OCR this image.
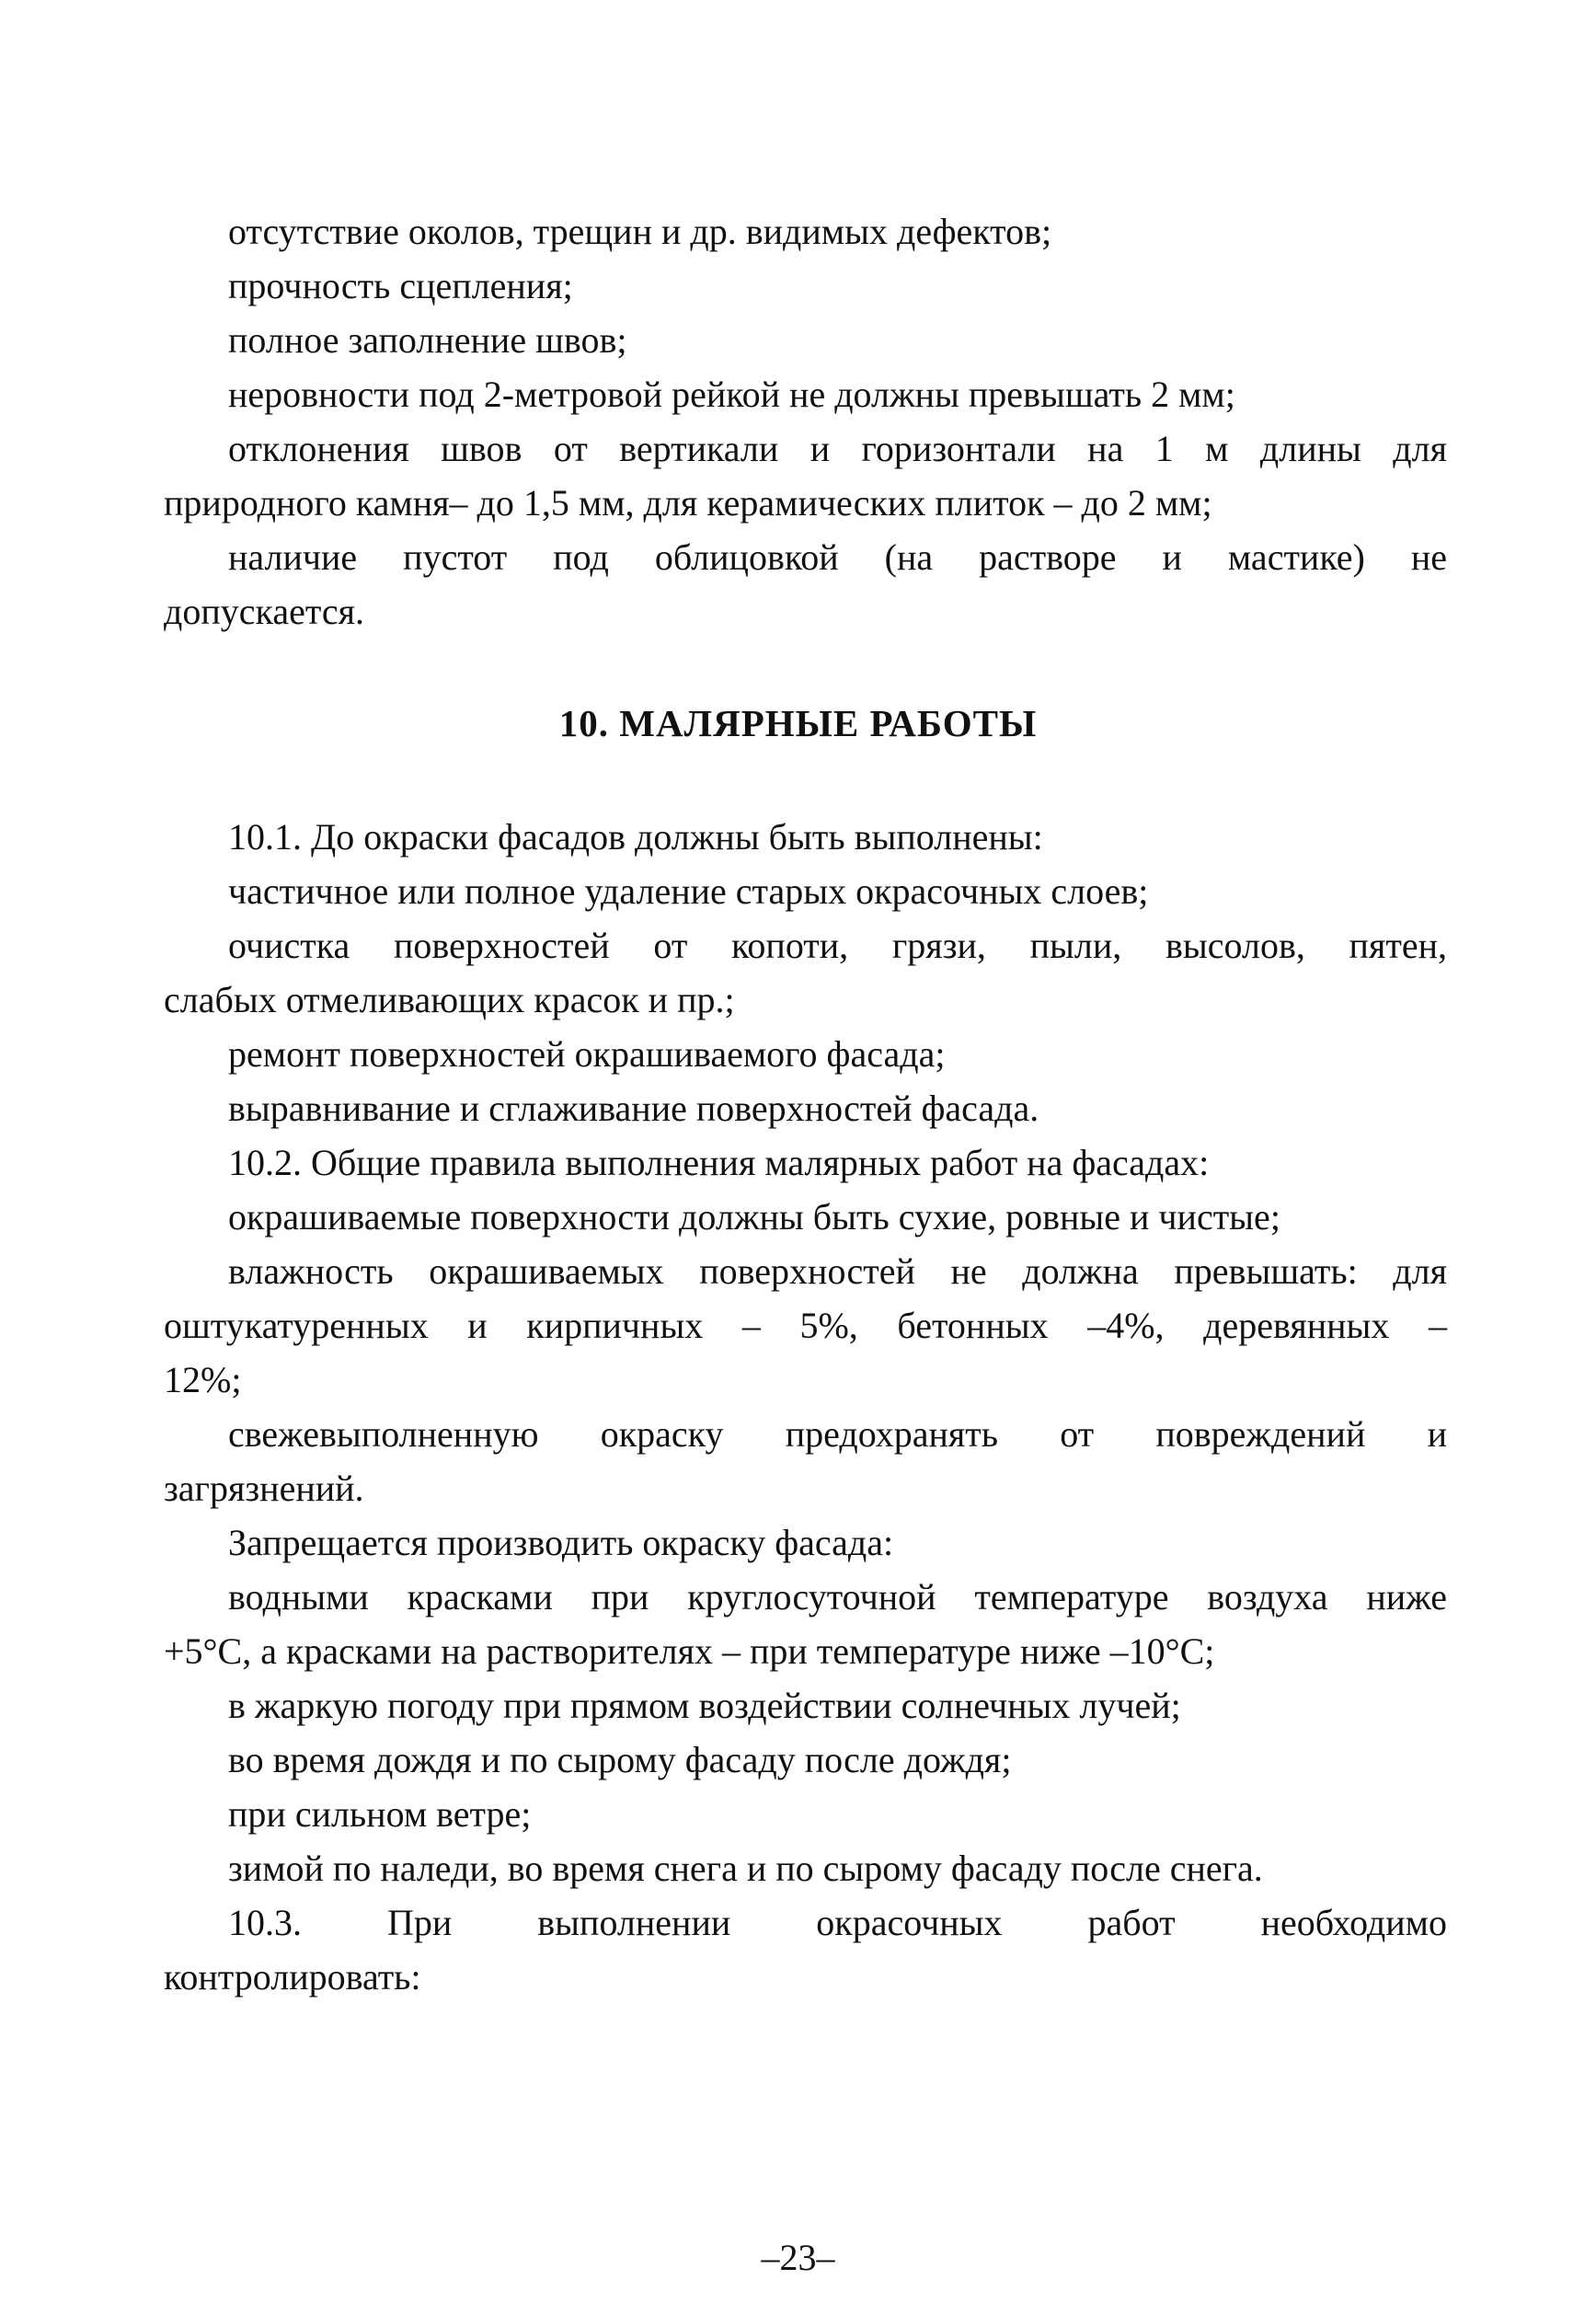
отсутствие околов, трещин и др. видимых дефектов;
прочность сцепления;
полное заполнение швов;
неровности под 2-метровой рейкой не должны превышать 2 мм;
отклонения швов от вертикали и горизонтали на 1 м длины для
природного камня– до 1,5 мм, для керамических плиток – до 2 мм;
наличие пустот под облицовкой (на растворе и мастике) не
допускается.
10. МАЛЯРНЫЕ РАБОТЫ
10.1. До окраски фасадов должны быть выполнены:
частичное или полное удаление старых окрасочных слоев;
очистка поверхностей от копоти, грязи, пыли, высолов, пятен,
слабых отмеливающих красок и пр.;
ремонт поверхностей окрашиваемого фасада;
выравнивание и сглаживание поверхностей фасада.
10.2. Общие правила выполнения малярных работ на фасадах:
окрашиваемые поверхности должны быть сухие, ровные и чистые;
влажность окрашиваемых поверхностей не должна превышать: для
оштукатуренных и кирпичных – 5%, бетонных –4%, деревянных –
12%;
свежевыполненную окраску предохранять от повреждений и
загрязнений.
Запрещается производить окраску фасада:
водными красками при круглосуточной температуре воздуха ниже
+5°С, а красками на растворителях – при температуре ниже –10°С;
в жаркую погоду при прямом воздействии солнечных лучей;
во время дождя и по сырому фасаду после дождя;
при сильном ветре;
зимой по наледи, во время снега и по сырому фасаду после снега.
10.3. При выполнении окрасочных работ необходимо
контролировать:
–23–
